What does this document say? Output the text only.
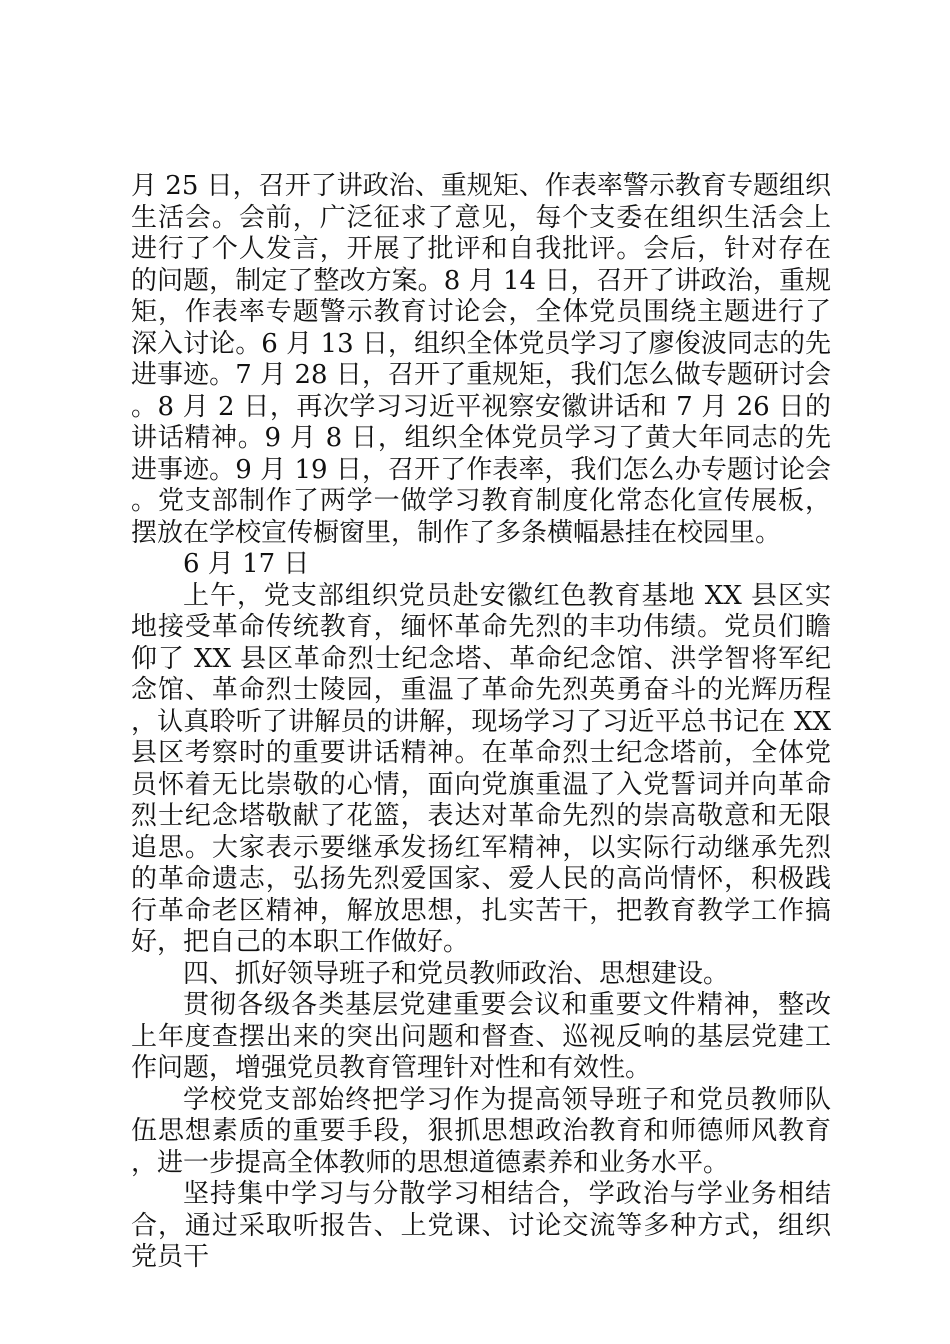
月 25 日，召开了讲政治、重规矩、作表率警示教育专题组织生活会。会前，广泛征求了意见，每个支委在组织生活会上进行了个人发言，开展了批评和自我批评。会后，针对存在的问题，制定了整改方案。8 月 14 日，召开了讲政治，重规矩，作表率专题警示教育讨论会，全体党员围绕主题进行了深入讨论。6 月 13 日，组织全体党员学习了廖俊波同志的先进事迹。7 月 28 日，召开了重规矩，我们怎么做专题研讨会。8 月 2 日，再次学习习近平视察安徽讲话和 7 月 26 日的讲话精神。9 月 8 日，组织全体党员学习了黄大年同志的先进事迹。9 月 19 日，召开了作表率，我们怎么办专题讨论会。党支部制作了两学一做学习教育制度化常态化宣传展板，摆放在学校宣传橱窗里，制作了多条横幅悬挂在校园里。

6 月 17 日

上午，党支部组织党员赴安徽红色教育基地 XX 县区实地接受革命传统教育，缅怀革命先烈的丰功伟绩。党员们瞻仰了 XX 县区革命烈士纪念塔、革命纪念馆、洪学智将军纪念馆、革命烈士陵园，重温了革命先烈英勇奋斗的光辉历程，认真聆听了讲解员的讲解，现场学习了习近平总书记在 XX 县区考察时的重要讲话精神。在革命烈士纪念塔前，全体党员怀着无比崇敬的心情，面向党旗重温了入党誓词并向革命烈士纪念塔敬献了花篮，表达对革命先烈的崇高敬意和无限追思。大家表示要继承发扬红军精神，以实际行动继承先烈的革命遗志，弘扬先烈爱国家、爱人民的高尚情怀，积极践行革命老区精神，解放思想，扎实苦干，把教育教学工作搞好，把自己的本职工作做好。

四、抓好领导班子和党员教师政治、思想建设。

贯彻各级各类基层党建重要会议和重要文件精神，整改上年度查摆出来的突出问题和督查、巡视反响的基层党建工作问题，增强党员教育管理针对性和有效性。

学校党支部始终把学习作为提高领导班子和党员教师队伍思想素质的重要手段，狠抓思想政治教育和师德师风教育，进一步提高全体教师的思想道德素养和业务水平。

坚持集中学习与分散学习相结合，学政治与学业务相结合，通过采取听报告、上党课、讨论交流等多种方式，组织党员干
